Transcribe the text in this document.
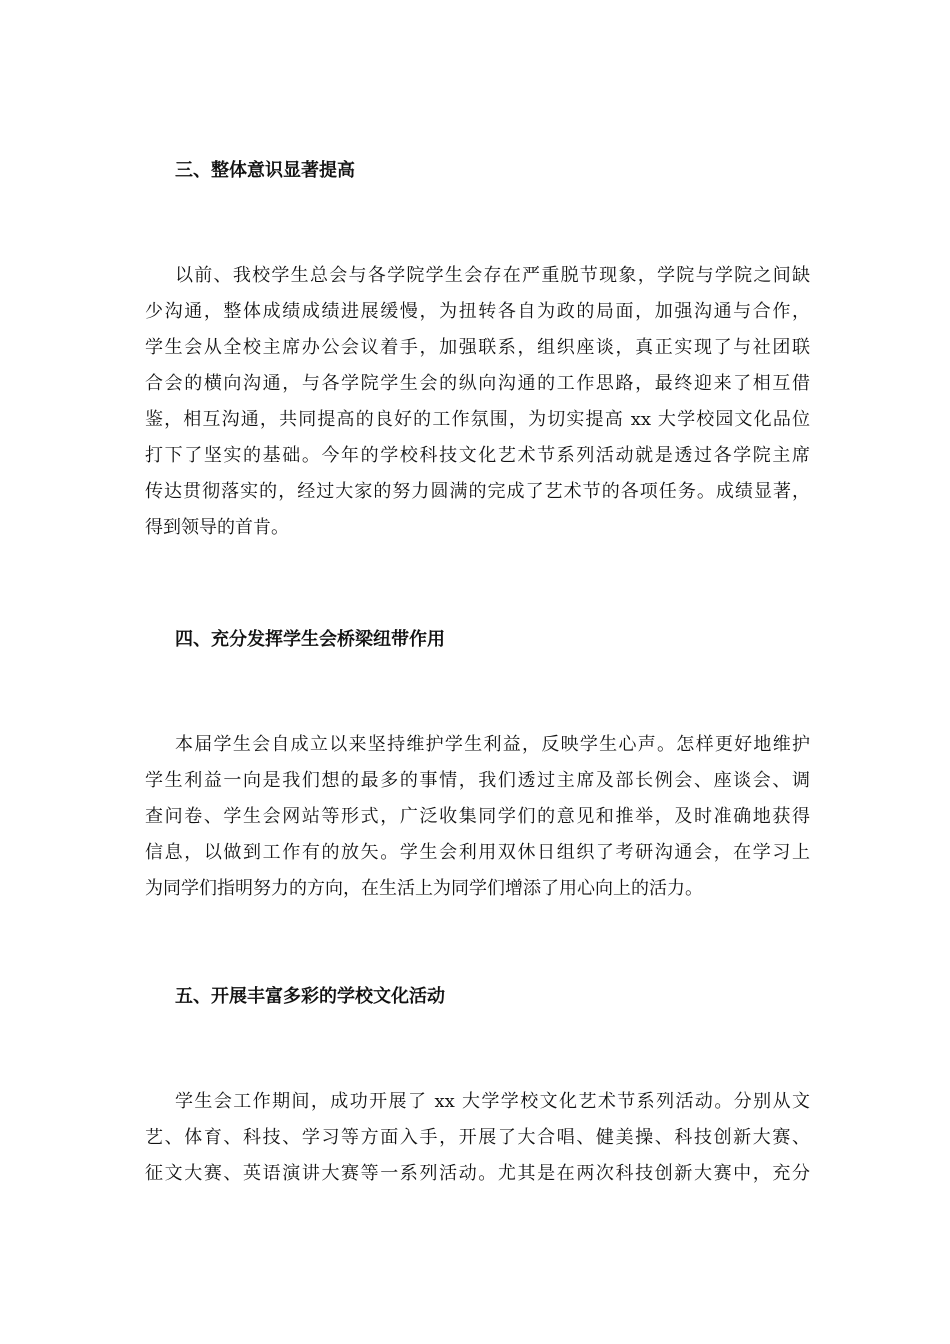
三、整体意识显著提高
以前、我校学生总会与各学院学生会存在严重脱节现象，学院与学院之间缺
少沟通，整体成绩成绩进展缓慢，为扭转各自为政的局面，加强沟通与合作，
学生会从全校主席办公会议着手，加强联系，组织座谈，真正实现了与社团联
合会的横向沟通，与各学院学生会的纵向沟通的工作思路，最终迎来了相互借
鉴，相互沟通，共同提高的良好的工作氛围，为切实提高 xx 大学校园文化品位
打下了坚实的基础。今年的学校科技文化艺术节系列活动就是透过各学院主席
传达贯彻落实的，经过大家的努力圆满的完成了艺术节的各项任务。成绩显著，
得到领导的首肯。
四、充分发挥学生会桥梁纽带作用
本届学生会自成立以来坚持维护学生利益，反映学生心声。怎样更好地维护
学生利益一向是我们想的最多的事情，我们透过主席及部长例会、座谈会、调
查问卷、学生会网站等形式，广泛收集同学们的意见和推举，及时准确地获得
信息，以做到工作有的放矢。学生会利用双休日组织了考研沟通会，在学习上
为同学们指明努力的方向，在生活上为同学们增添了用心向上的活力。
五、开展丰富多彩的学校文化活动
学生会工作期间，成功开展了 xx 大学学校文化艺术节系列活动。分别从文
艺、体育、科技、学习等方面入手，开展了大合唱、健美操、科技创新大赛、
征文大赛、英语演讲大赛等一系列活动。尤其是在两次科技创新大赛中，充分
